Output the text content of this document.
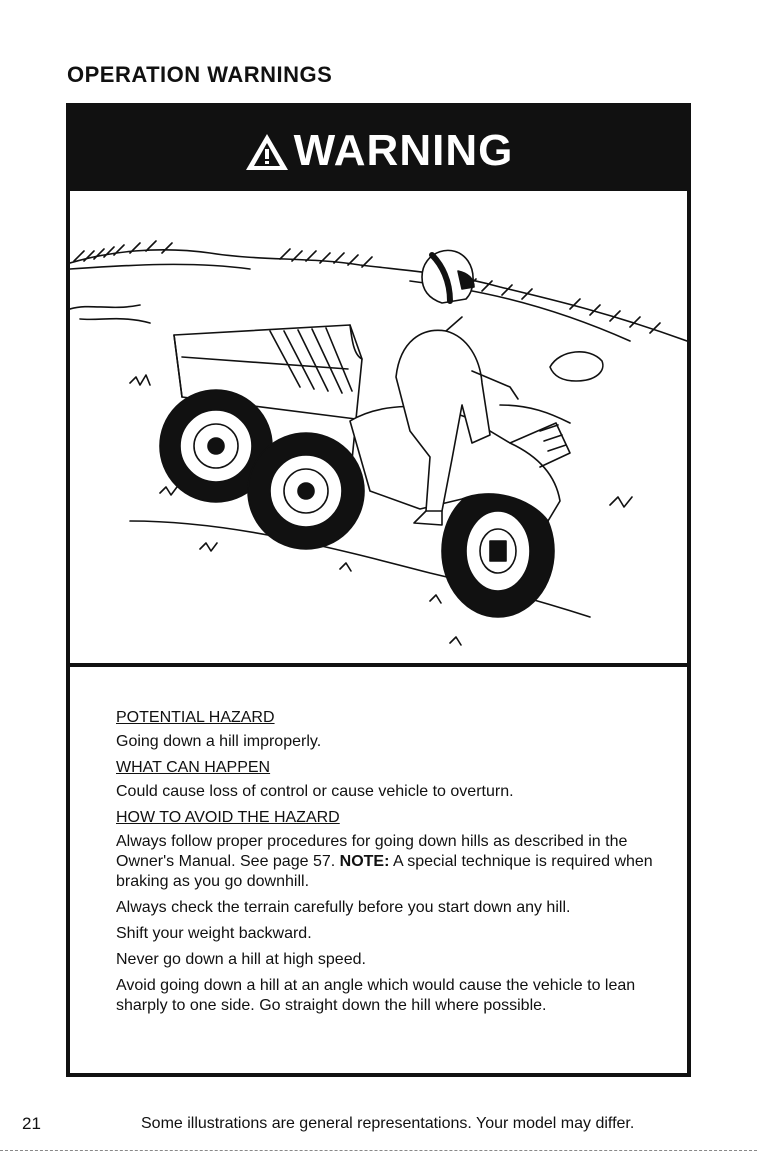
OPERATION WARNINGS
WARNING

POTENTIAL HAZARD

Going down a hill improperly.

WHAT CAN HAPPEN

Could cause loss of control or cause vehicle to overturn.

HOW TO AVOID THE HAZARD

Always follow proper procedures for going down hills as described in the Owner's Manual. See page 57. NOTE: A special technique is required when braking as you go downhill.

Always check the terrain carefully before you start down any hill.

Shift your weight backward.

Never go down a hill at high speed.

Avoid going down a hill at an angle which would cause the vehicle to lean sharply to one side. Go straight down the hill where possible.

21	Some illustrations are general representations. Your model may differ.
